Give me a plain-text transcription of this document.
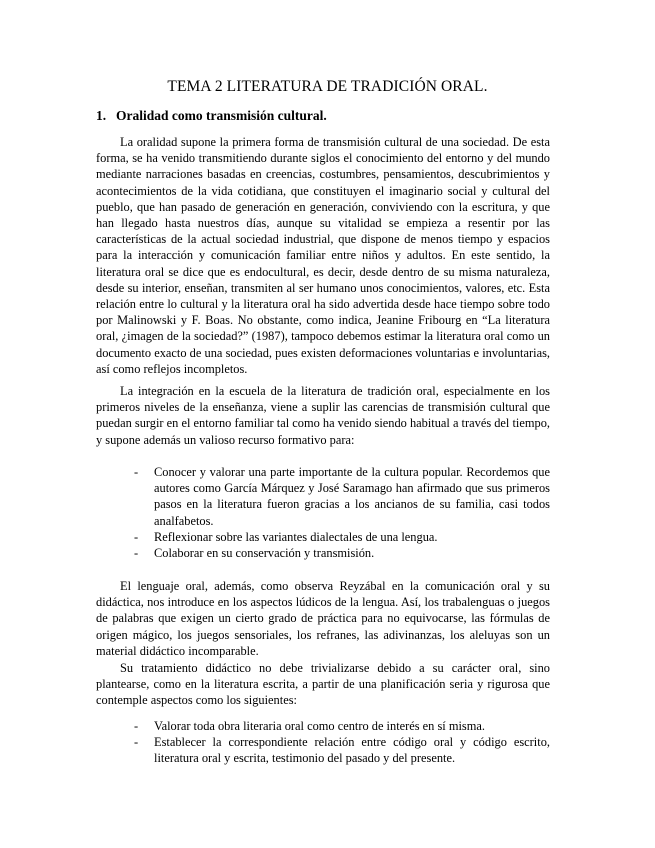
TEMA 2 LITERATURA DE TRADICIÓN ORAL.
1. Oralidad como transmisión cultural.

La oralidad supone la primera forma de transmisión cultural de una sociedad. De esta forma, se ha venido transmitiendo durante siglos el conocimiento del entorno y del mundo mediante narraciones basadas en creencias, costumbres, pensamientos, descubrimientos y acontecimientos de la vida cotidiana, que constituyen el imaginario social y cultural del pueblo, que han pasado de generación en generación, conviviendo con la escritura, y que han llegado hasta nuestros días, aunque su vitalidad se empieza a resentir por las características de la actual sociedad industrial, que dispone de menos tiempo y espacios para la interacción y comunicación familiar entre niños y adultos. En este sentido, la literatura oral se dice que es endocultural, es decir, desde dentro de su misma naturaleza, desde su interior, enseñan, transmiten al ser humano unos conocimientos, valores, etc. Esta relación entre lo cultural y la literatura oral ha sido advertida desde hace tiempo sobre todo por Malinowski y F. Boas. No obstante, como indica, Jeanine Fribourg en “La literatura oral, ¿imagen de la sociedad?” (1987), tampoco debemos estimar la literatura oral como un documento exacto de una sociedad, pues existen deformaciones voluntarias e involuntarias, así como reflejos incompletos.

La integración en la escuela de la literatura de tradición oral, especialmente en los primeros niveles de la enseñanza, viene a suplir las carencias de transmisión cultural que puedan surgir en el entorno familiar tal como ha venido siendo habitual a través del tiempo, y supone además un valioso recurso formativo para:

- Conocer y valorar una parte importante de la cultura popular. Recordemos que autores como García Márquez y José Saramago han afirmado que sus primeros pasos en la literatura fueron gracias a los ancianos de su familia, casi todos analfabetos.
- Reflexionar sobre las variantes dialectales de una lengua.
- Colaborar en su conservación y transmisión.

El lenguaje oral, además, como observa Reyzábal en la comunicación oral y su didáctica, nos introduce en los aspectos lúdicos de la lengua. Así, los trabalenguas o juegos de palabras que exigen un cierto grado de práctica para no equivocarse, las fórmulas de origen mágico, los juegos sensoriales, los refranes, las adivinanzas, los aleluyas son un material didáctico incomparable.

Su tratamiento didáctico no debe trivializarse debido a su carácter oral, sino plantearse, como en la literatura escrita, a partir de una planificación seria y rigurosa que contemple aspectos como los siguientes:

- Valorar toda obra literaria oral como centro de interés en sí misma.
- Establecer la correspondiente relación entre código oral y código escrito, literatura oral y escrita, testimonio del pasado y del presente.
